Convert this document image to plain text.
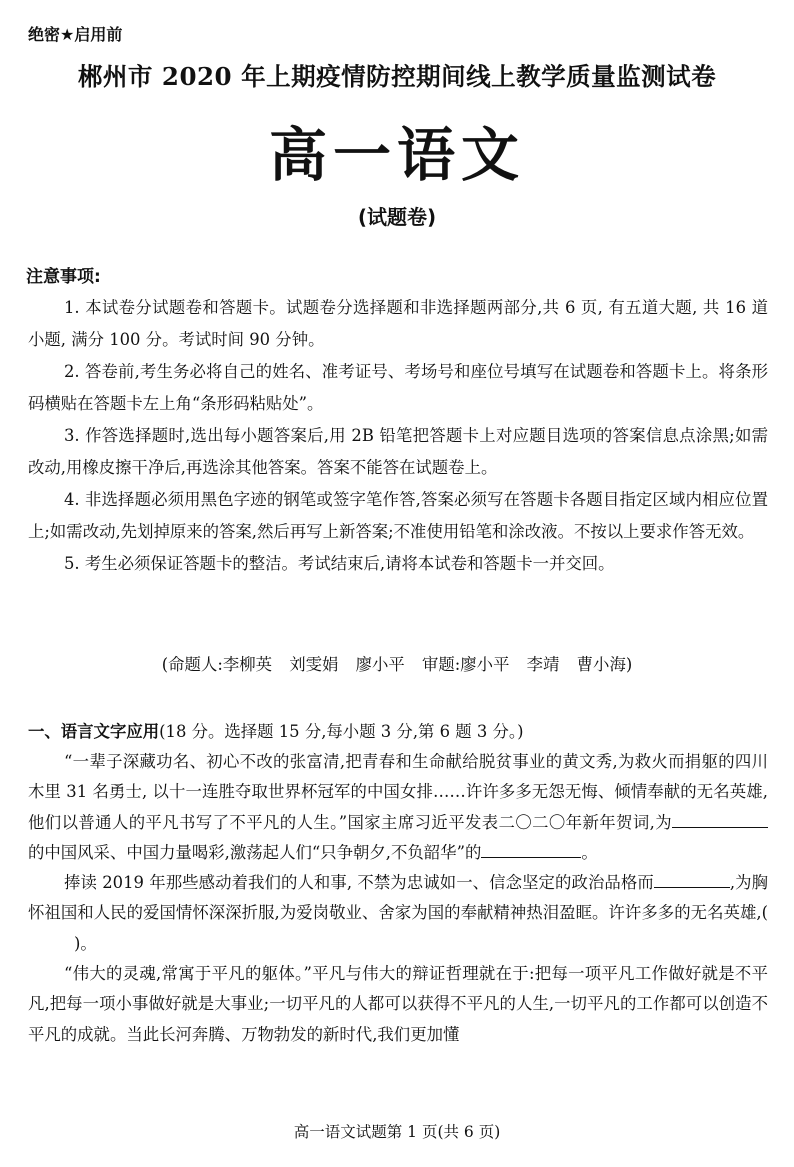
绝密★启用前
郴州市 2020 年上期疫情防控期间线上教学质量监测试卷
高一语文
(试题卷)
注意事项:

1. 本试卷分试题卷和答题卡。试题卷分选择题和非选择题两部分,共 6 页, 有五道大题, 共 16 道小题, 满分 100 分。考试时间 90 分钟。

2. 答卷前,考生务必将自己的姓名、准考证号、考场号和座位号填写在试题卷和答题卡上。将条形码横贴在答题卡左上角“条形码粘贴处”。

3. 作答选择题时,选出每小题答案后,用 2B 铅笔把答题卡上对应题目选项的答案信息点涂黑;如需改动,用橡皮擦干净后,再选涂其他答案。答案不能答在试题卷上。

4. 非选择题必须用黑色字迹的钢笔或签字笔作答,答案必须写在答题卡各题目指定区域内相应位置上;如需改动,先划掉原来的答案,然后再写上新答案;不准使用铅笔和涂改液。不按以上要求作答无效。

5. 考生必须保证答题卡的整洁。考试结束后,请将本试卷和答题卡一并交回。

(命题人:李柳英 刘雯娟 廖小平 审题:廖小平 李靖 曹小海)

一、语言文字应用(18 分。选择题 15 分,每小题 3 分,第 6 题 3 分。)

“一辈子深藏功名、初心不改的张富清,把青春和生命献给脱贫事业的黄文秀,为救火而捐躯的四川木里 31 名勇士, 以十一连胜夺取世界杯冠军的中国女排……许许多多无怨无悔、倾情奉献的无名英雄,他们以普通人的平凡书写了不平凡的人生。”国家主席习近平发表二〇二〇年新年贺词,为的中国风采、中国力量喝彩,激荡起人们“只争朝夕,不负韶华”的	。

捧读 2019 年那些感动着我们的人和事, 不禁为忠诚如一、信念坚定的政治品格而	,为胸怀祖国和人民的爱国情怀深深折服,为爱岗敬业、舍家为国的奉献精神热泪盈眶。许许多多的无名英雄,()。

“伟大的灵魂,常寓于平凡的躯体。”平凡与伟大的辩证哲理就在于:把每一项平凡工作做好就是不平凡,把每一项小事做好就是大事业;一切平凡的人都可以获得不平凡的人生,一切平凡的工作都可以创造不平凡的成就。当此长河奔腾、万物勃发的新时代,我们更加懂

高一语文试题第 1 页(共 6 页)
